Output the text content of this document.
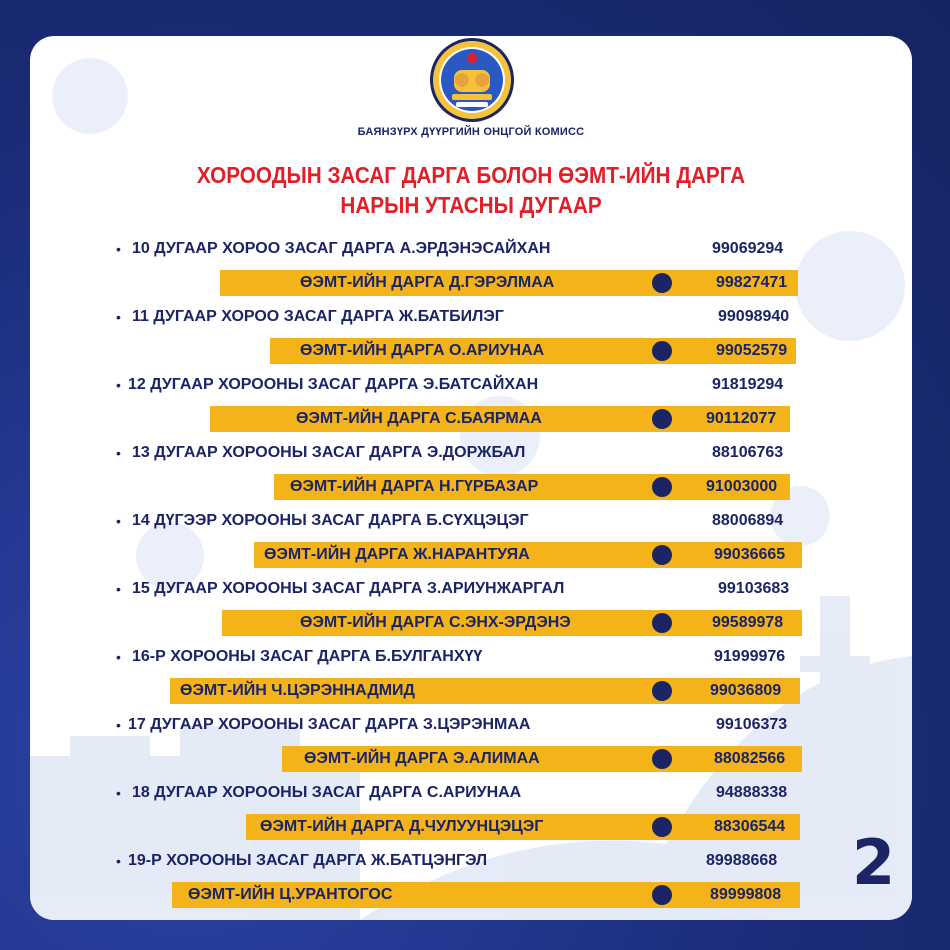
БАЯНЗҮРХ ДҮҮРГИЙН ОНЦГОЙ КОМИСС
ХОРООДЫН ЗАСАГ ДАРГА БОЛОН ӨЭМТ-ИЙН ДАРГА
НАРЫН УТАСНЫ ДУГААР
• 10 ДУГААР ХОРОО ЗАСАГ ДАРГА А.ЭРДЭНЭСАЙХАН	99069294
ӨЭМТ-ИЙН ДАРГА Д.ГЭРЭЛМАА	99827471
• 11 ДУГААР ХОРОО ЗАСАГ ДАРГА Ж.БАТБИЛЭГ	99098940
ӨЭМТ-ИЙН ДАРГА О.АРИУНАА	99052579
• 12 ДУГААР ХОРООНЫ ЗАСАГ ДАРГА Э.БАТСАЙХАН	91819294
ӨЭМТ-ИЙН ДАРГА С.БАЯРМАА	90112077
• 13 ДУГААР ХОРООНЫ ЗАСАГ ДАРГА Э.ДОРЖБАЛ	88106763
ӨЭМТ-ИЙН ДАРГА Н.ГҮРБАЗАР	91003000
• 14 ДҮГЭЭР ХОРООНЫ ЗАСАГ ДАРГА Б.СҮХЦЭЦЭГ	88006894
ӨЭМТ-ИЙН ДАРГА Ж.НАРАНТУЯА	99036665
• 15 ДУГААР ХОРООНЫ ЗАСАГ ДАРГА З.АРИУНЖАРГАЛ	99103683
ӨЭМТ-ИЙН ДАРГА С.ЭНХ-ЭРДЭНЭ	99589978
• 16-Р ХОРООНЫ ЗАСАГ ДАРГА Б.БУЛГАНХҮҮ	91999976
ӨЭМТ-ИЙН Ч.ЦЭРЭННАДМИД	99036809
• 17 ДУГААР ХОРООНЫ ЗАСАГ ДАРГА З.ЦЭРЭНМАА	99106373
ӨЭМТ-ИЙН ДАРГА Э.АЛИМАА	88082566
• 18 ДУГААР ХОРООНЫ ЗАСАГ ДАРГА С.АРИУНАА	94888338
ӨЭМТ-ИЙН ДАРГА Д.ЧУЛУУНЦЭЦЭГ	88306544
• 19-Р ХОРООНЫ ЗАСАГ ДАРГА Ж.БАТЦЭНГЭЛ	89988668
ӨЭМТ-ИЙН Ц.УРАНТОГОС	89999808 2
